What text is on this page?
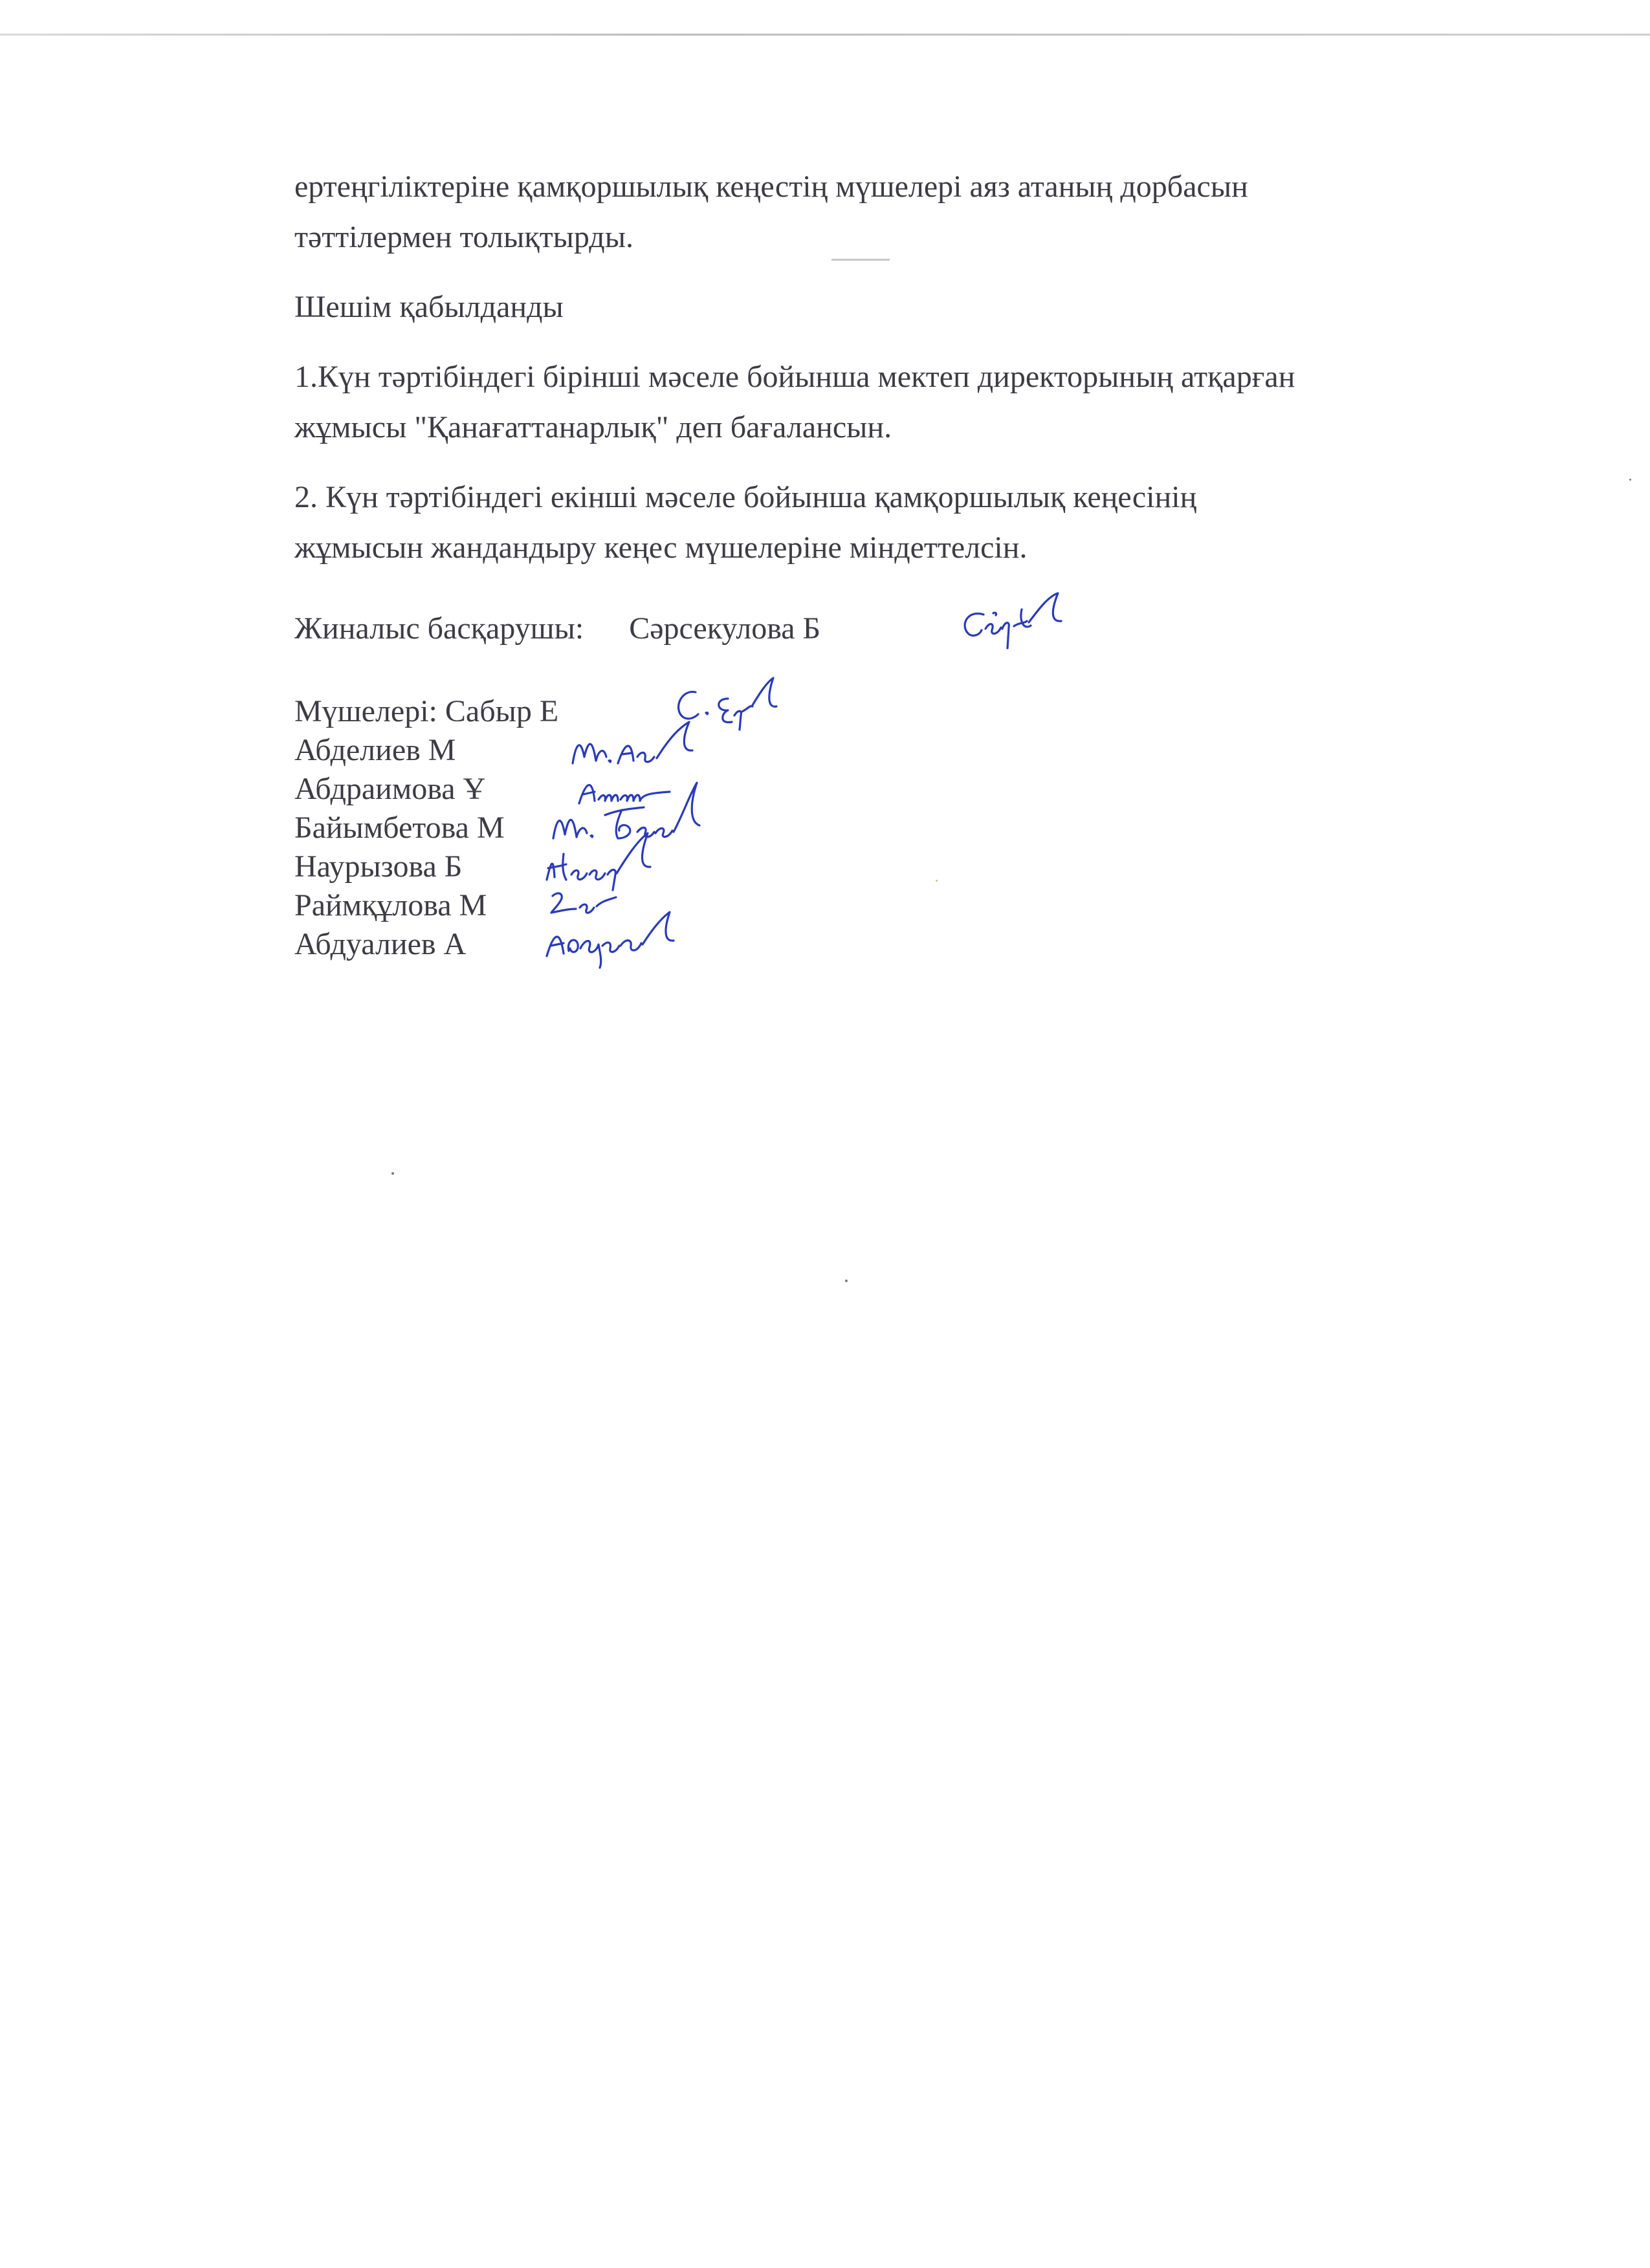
ертеңгіліктеріне қамқоршылық кеңестің мүшелері аяз атаның дорбасын
тәттілермен толықтырды.

Шешім қабылданды

1.Күн тәртібіндегі бірінші мәселе бойынша мектеп директорының атқарған
жұмысы "Қанағаттанарлық" деп бағалансын.

2. Күн тәртібіндегі екінші мәселе бойынша қамқоршылық кеңесінің
жұмысын жандандыру кеңес мүшелеріне міндеттелсін.

Жиналыс басқарушы: Сәрсекулова Б
Мүшелері: Сабыр Е
Абделиев М
Абдраимова Ұ
Байымбетова М
Наурызова Б
Раймқұлова М
Абдуалиев А
